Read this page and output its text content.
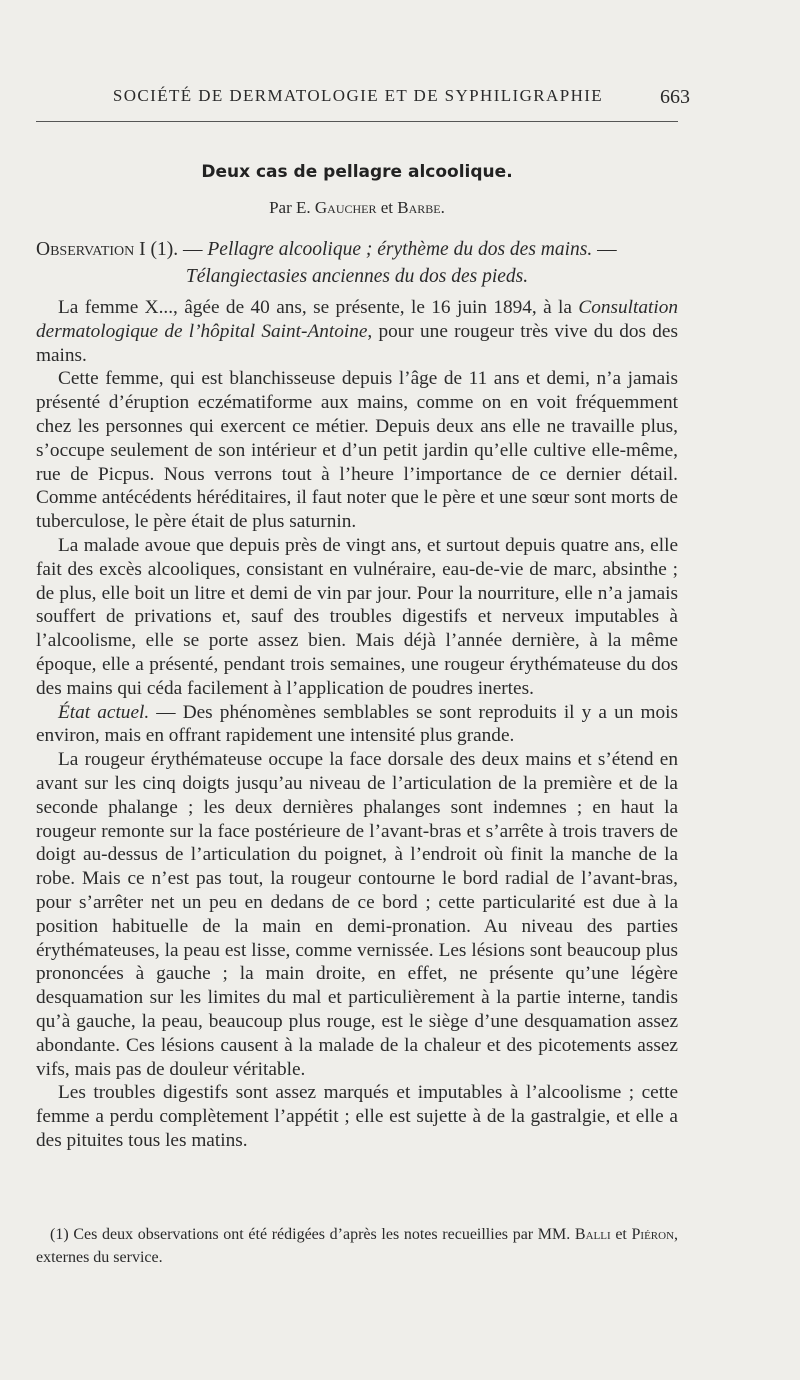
SOCIÉTÉ DE DERMATOLOGIE ET DE SYPHILIGRAPHIE	663
Deux cas de pellagre alcoolique.
Par E. Gaucher et Barbe.
Observation I (1). — Pellagre alcoolique ; érythème du dos des mains. —
Télangiectasies anciennes du dos des pieds.

La femme X..., âgée de 40 ans, se présente, le 16 juin 1894, à la Consultation dermatologique de l’hôpital Saint-Antoine, pour une rougeur très vive du dos des mains.

Cette femme, qui est blanchisseuse depuis l’âge de 11 ans et demi, n’a jamais présenté d’éruption eczématiforme aux mains, comme on en voit fréquemment chez les personnes qui exercent ce métier. Depuis deux ans elle ne travaille plus, s’occupe seulement de son intérieur et d’un petit jardin qu’elle cultive elle-même, rue de Picpus. Nous verrons tout à l’heure l’importance de ce dernier détail. Comme antécédents héréditaires, il faut noter que le père et une sœur sont morts de tuberculose, le père était de plus saturnin.

La malade avoue que depuis près de vingt ans, et surtout depuis quatre ans, elle fait des excès alcooliques, consistant en vulnéraire, eau-de-vie de marc, absinthe ; de plus, elle boit un litre et demi de vin par jour. Pour la nourriture, elle n’a jamais souffert de privations et, sauf des troubles digestifs et nerveux imputables à l’alcoolisme, elle se porte assez bien. Mais déjà l’année dernière, à la même époque, elle a présenté, pendant trois semaines, une rougeur érythémateuse du dos des mains qui céda facilement à l’application de poudres inertes.

État actuel. — Des phénomènes semblables se sont reproduits il y a un mois environ, mais en offrant rapidement une intensité plus grande.

La rougeur érythémateuse occupe la face dorsale des deux mains et s’étend en avant sur les cinq doigts jusqu’au niveau de l’articulation de la première et de la seconde phalange ; les deux dernières phalanges sont indemnes ; en haut la rougeur remonte sur la face postérieure de l’avant-bras et s’arrête à trois travers de doigt au-dessus de l’articulation du poignet, à l’endroit où finit la manche de la robe. Mais ce n’est pas tout, la rougeur contourne le bord radial de l’avant-bras, pour s’arrêter net un peu en dedans de ce bord ; cette particularité est due à la position habituelle de la main en demi-pronation. Au niveau des parties érythémateuses, la peau est lisse, comme vernissée. Les lésions sont beaucoup plus prononcées à gauche ; la main droite, en effet, ne présente qu’une légère desquamation sur les limites du mal et particulièrement à la partie interne, tandis qu’à gauche, la peau, beaucoup plus rouge, est le siège d’une desquamation assez abondante. Ces lésions causent à la malade de la chaleur et des picotements assez vifs, mais pas de douleur véritable.

Les troubles digestifs sont assez marqués et imputables à l’alcoolisme ; cette femme a perdu complètement l’appétit ; elle est sujette à de la gastralgie, et elle a des pituites tous les matins.

(1) Ces deux observations ont été rédigées d’après les notes recueillies par MM. Balli et Piéron, externes du service.
